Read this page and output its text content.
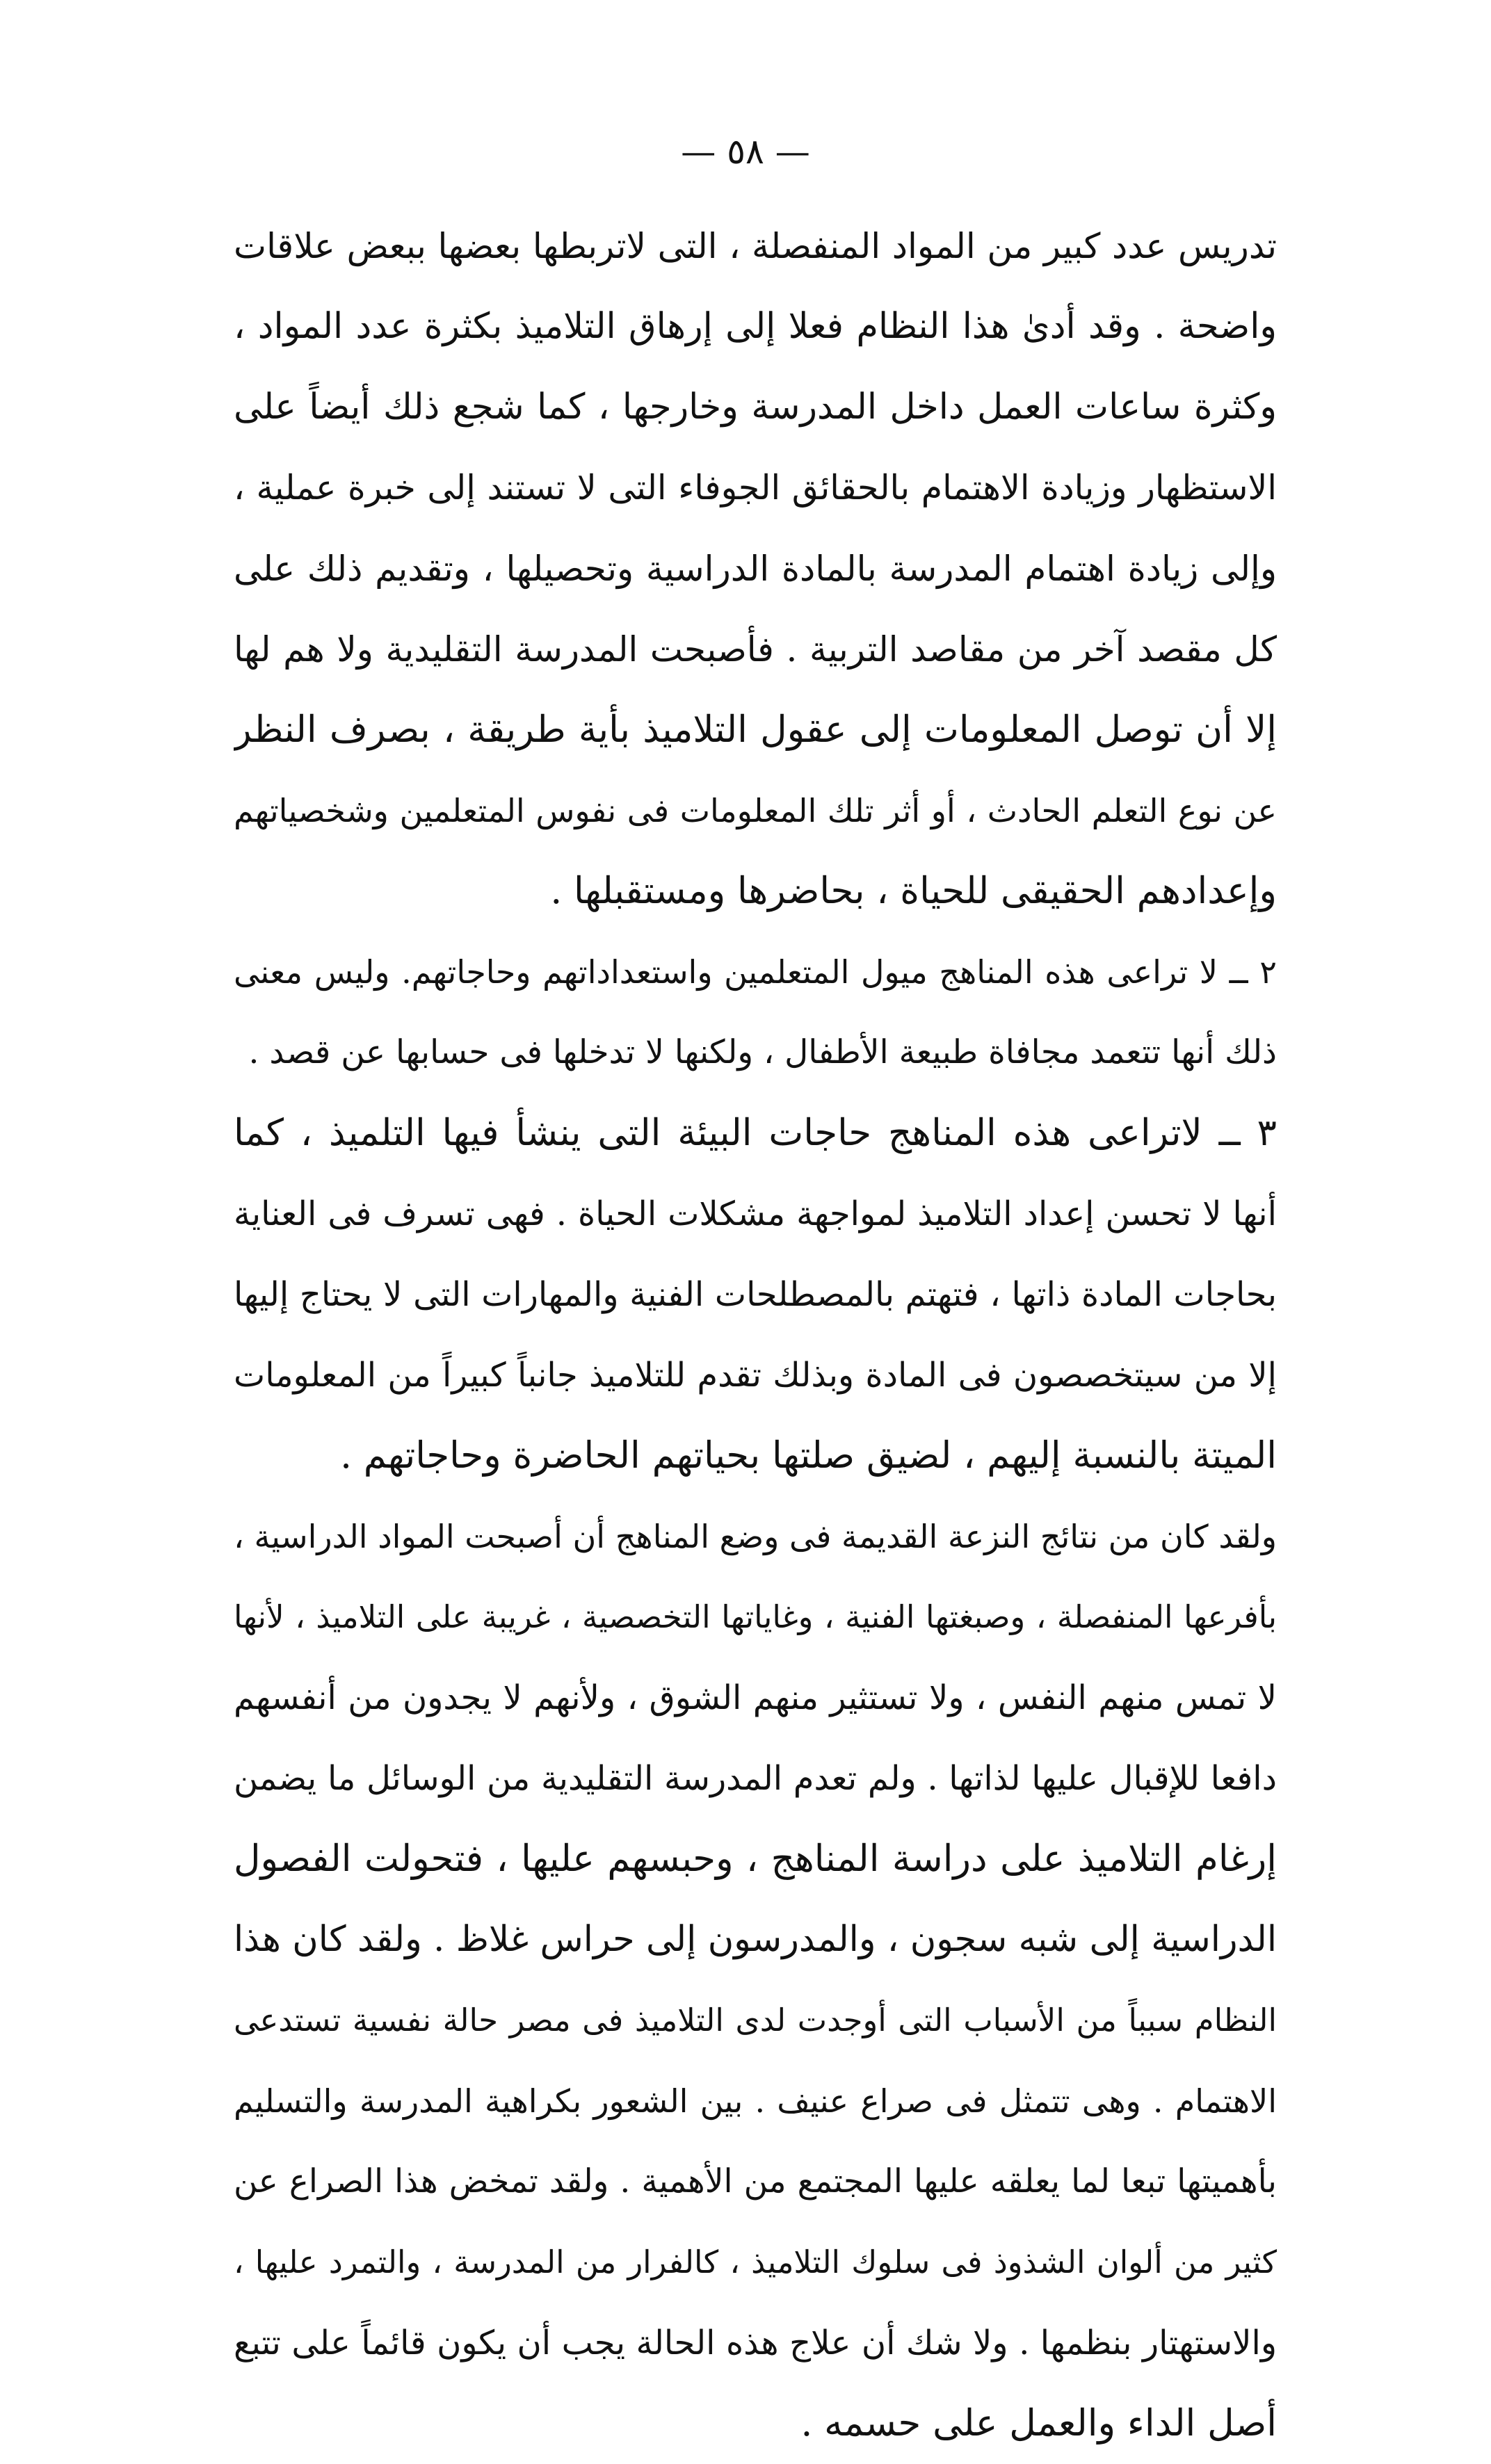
— ٥٨ —
تدريس عدد كبير من المواد المنفصلة ، التى لاتربطها بعضها ببعض علاقات
واضحة . وقد أدىٰ هذا النظام فعلا إلى إرهاق التلاميذ بكثرة عدد المواد ،
وكثرة ساعات العمل داخل المدرسة وخارجها ، كما شجع ذلك أيضاً على
الاستظهار وزيادة الاهتمام بالحقائق الجوفاء التى لا تستند إلى خبرة عملية ،
وإلى زيادة اهتمام المدرسة بالمادة الدراسية وتحصيلها ، وتقديم ذلك على
كل مقصد آخر من مقاصد التربية . فأصبحت المدرسة التقليدية ولا هم لها
إلا أن توصل المعلومات إلى عقول التلاميذ بأية طريقة ، بصرف النظر
عن نوع التعلم الحادث ، أو أثر تلك المعلومات فى نفوس المتعلمين وشخصياتهم
وإعدادهم الحقيقى للحياة ، بحاضرها ومستقبلها .
٢ ــ لا تراعى هذه المناهج ميول المتعلمين واستعداداتهم وحاجاتهم. وليس معنى
ذلك أنها تتعمد مجافاة طبيعة الأطفال ، ولكنها لا تدخلها فى حسابها عن قصد .
٣ ــ لاتراعى هذه المناهج حاجات البيئة التى ينشأ فيها التلميذ ، كما
أنها لا تحسن إعداد التلاميذ لمواجهة مشكلات الحياة . فهى تسرف فى العناية
بحاجات المادة ذاتها ، فتهتم بالمصطلحات الفنية والمهارات التى لا يحتاج إليها
إلا من سيتخصصون فى المادة وبذلك تقدم للتلاميذ جانباً كبيراً من المعلومات
الميتة بالنسبة إليهم ، لضيق صلتها بحياتهم الحاضرة وحاجاتهم .
ولقد كان من نتائج النزعة القديمة فى وضع المناهج أن أصبحت المواد الدراسية ،
بأفرعها المنفصلة ، وصبغتها الفنية ، وغاياتها التخصصية ، غريبة على التلاميذ ، لأنها
لا تمس منهم النفس ، ولا تستثير منهم الشوق ، ولأنهم لا يجدون من أنفسهم
دافعا للإقبال عليها لذاتها . ولم تعدم المدرسة التقليدية من الوسائل ما يضمن
إرغام التلاميذ على دراسة المناهج ، وحبسهم عليها ، فتحولت الفصول
الدراسية إلى شبه سجون ، والمدرسون إلى حراس غلاظ . ولقد كان هذا
النظام سبباً من الأسباب التى أوجدت لدى التلاميذ فى مصر حالة نفسية تستدعى
الاهتمام . وهى تتمثل فى صراع عنيف . بين الشعور بكراهية المدرسة والتسليم
بأهميتها تبعا لما يعلقه عليها المجتمع من الأهمية . ولقد تمخض هذا الصراع عن
كثير من ألوان الشذوذ فى سلوك التلاميذ ، كالفرار من المدرسة ، والتمرد عليها ،
والاستهتار بنظمها . ولا شك أن علاج هذه الحالة يجب أن يكون قائماً على تتبع
أصل الداء والعمل على حسمه .
